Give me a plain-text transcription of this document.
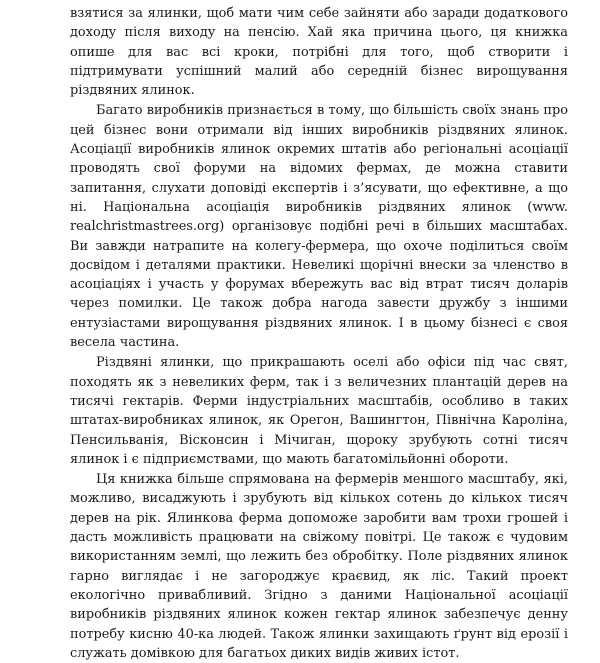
взятися за ялинки, щоб мати чим себе зайняти або заради додаткового доходу після виходу на пенсію. Хай яка причина цього, ця книжка опише для вас всі кроки, потрібні для того, щоб створити і підтримувати успішний малий або середній бізнес вирощування різдвяних ялинок.

Багато виробників признається в тому, що більшість своїх знань про цей бізнес вони отримали від інших виробників різдвяних ялинок. Асоціації виробників ялинок окремих штатів або регіональні асоціації проводять свої форуми на відомих фермах, де можна ставити запитання, слухати доповіді експертів і з’ясувати, що ефективне, а що ні. Національна асоціація виробників різдвяних ялинок (www. realchristmastrees.org) організовує подібні речі в більших масштабах. Ви завжди натрапите на колегу-фермера, що охоче поділиться своїм досвідом і деталями практики. Невеликі щорічні внески за членство в асоціаціях і участь у форумах вбережуть вас від втрат тисяч доларів через помилки. Це також добра нагода завести дружбу з іншими ентузіастами вирощування різдвяних ялинок. І в цьому бізнесі є своя весела частина.

Різдвяні ялинки, що прикрашають оселі або офіси під час свят, походять як з невеликих ферм, так і з величезних плантацій дерев на тисячі гектарів. Ферми індустріальних масштабів, особливо в таких штатах-виробниках ялинок, як Орегон, Вашингтон, Північна Кароліна, Пенсильванія, Вісконсин і Мічиган, щороку зрубують сотні тисяч ялинок і є підприємствами, що мають багатомільйонні обороти.

Ця книжка більше спрямована на фермерів меншого масштабу, які, можливо, висаджують і зрубують від кількох сотень до кількох тисяч дерев на рік. Ялинкова ферма допоможе заробити вам трохи грошей і дасть можливість працювати на свіжому повітрі. Це також є чудовим використанням землі, що лежить без обробітку. Поле різдвяних ялинок гарно виглядає і не загороджує краєвид, як ліс. Такий проект екологічно привабливий. Згідно з даними Національної асоціації виробників різдвяних ялинок кожен гектар ялинок забезпечує денну потребу кисню 40-ка людей. Також ялинки захищають ґрунт від ерозії і служать домівкою для багатьох диких видів живих істот.
